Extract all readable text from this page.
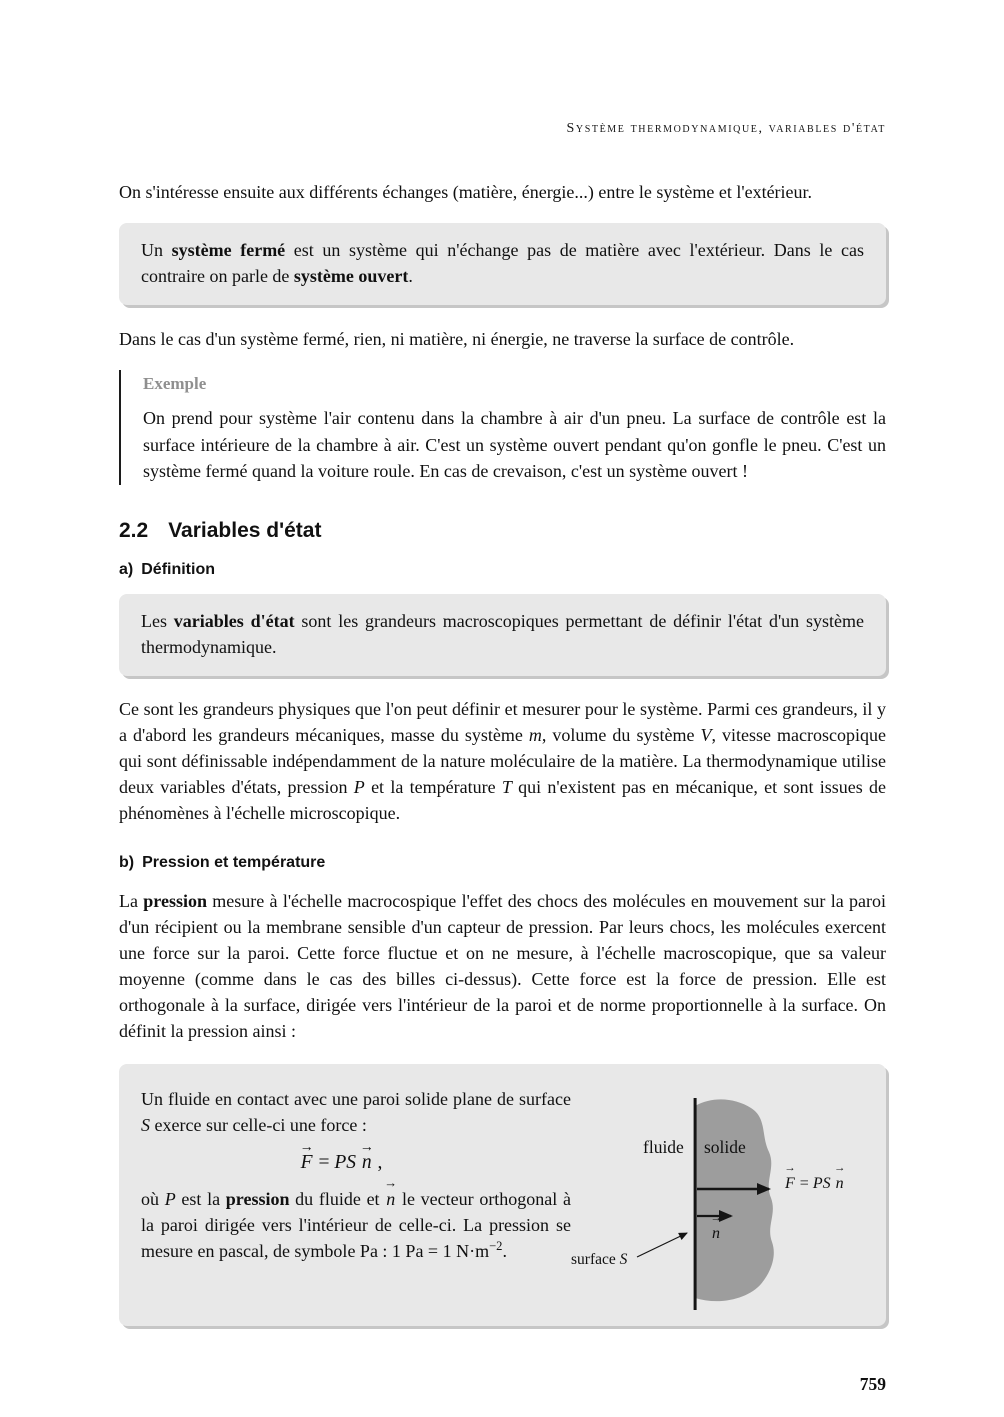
Système thermodynamique, variables d'état

On s'intéresse ensuite aux différents échanges (matière, énergie...) entre le système et l'extérieur.

Un système fermé est un système qui n'échange pas de matière avec l'extérieur. Dans le cas contraire on parle de système ouvert.

Dans le cas d'un système fermé, rien, ni matière, ni énergie, ne traverse la surface de contrôle.

Exemple
On prend pour système l'air contenu dans la chambre à air d'un pneu. La surface de contrôle est la surface intérieure de la chambre à air. C'est un système ouvert pendant qu'on gonfle le pneu. C'est un système fermé quand la voiture roule. En cas de crevaison, c'est un système ouvert !
2.2 Variables d'état
a) Définition
Les variables d'état sont les grandeurs macroscopiques permettant de définir l'état d'un système thermodynamique.

Ce sont les grandeurs physiques que l'on peut définir et mesurer pour le système. Parmi ces grandeurs, il y a d'abord les grandeurs mécaniques, masse du système m, volume du système V, vitesse macroscopique qui sont définissable indépendamment de la nature moléculaire de la matière. La thermodynamique utilise deux variables d'états, pression P et la température T qui n'existent pas en mécanique, et sont issues de phénomènes à l'échelle microscopique.

b) Pression et température

La pression mesure à l'échelle macrocospique l'effet des chocs des molécules en mouvement sur la paroi d'un récipient ou la membrane sensible d'un capteur de pression. Par leurs chocs, les molécules exercent une force sur la paroi. Cette force fluctue et on ne mesure, à l'échelle macroscopique, que sa valeur moyenne (comme dans le cas des billes ci-dessus). Cette force est la force de pression. Elle est orthogonale à la surface, dirigée vers l'intérieur de la paroi et de norme proportionnelle à la surface. On définit la pression ainsi :

Un fluide en contact avec une paroi solide plane de surface S exerce sur celle-ci une force :
F → = PS n → ,
où P est la pression du fluide et n → le vecteur orthogonal à la paroi dirigée vers l'intérieur de celle-ci. La pression se mesure en pascal, de symbole Pa : 1 Pa = 1 $N\cdot m^{-2}$.
fluide solide
F → = PS n →
n →
surface S
759
